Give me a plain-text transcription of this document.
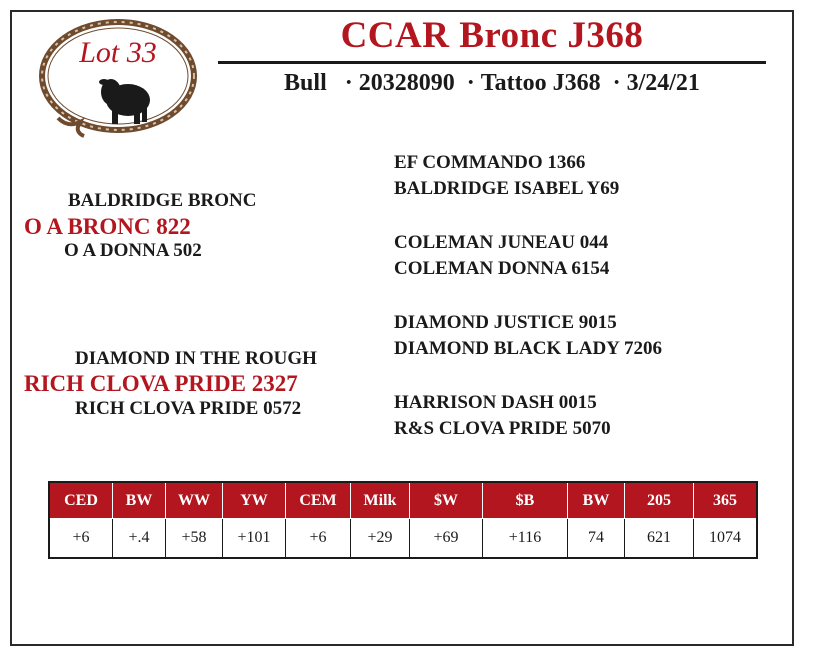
Lot 33	CCAR Bronc J368
Bull   · 20328090  · Tattoo J368  · 3/24/21
BALDRIDGE BRONC
O A BRONC 822
O A DONNA 502
DIAMOND IN THE ROUGH
RICH CLOVA PRIDE 2327
RICH CLOVA PRIDE 0572
EF COMMANDO 1366
BALDRIDGE ISABEL Y69
COLEMAN JUNEAU 044
COLEMAN DONNA 6154
DIAMOND JUSTICE 9015
DIAMOND BLACK LADY 7206
HARRISON DASH 0015
R&S CLOVA PRIDE 5070
CED	BW	WW	YW	CEM	Milk	$W	$B	BW	205	365
+6	+.4	+58	+101	+6	+29	+69	+116	74	621	1074
